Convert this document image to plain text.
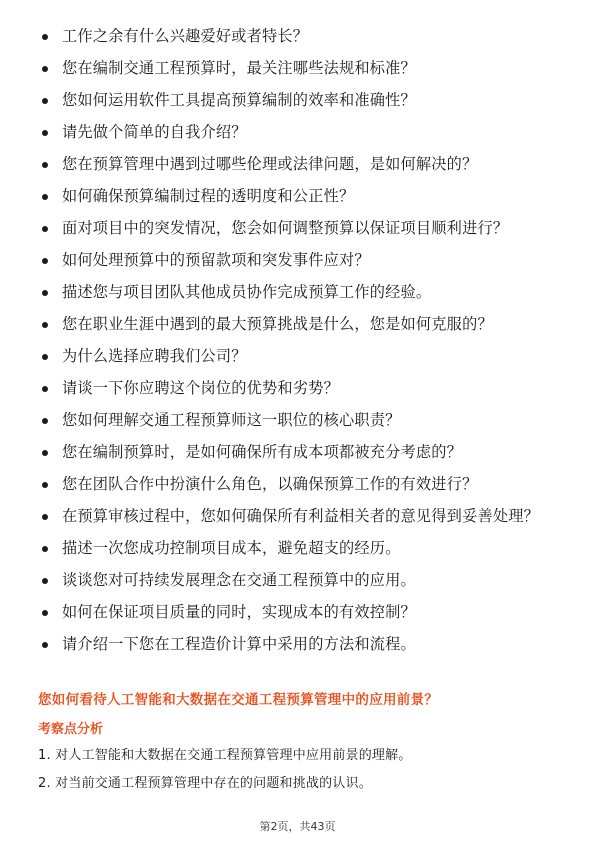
工作之余有什么兴趣爱好或者特长？
您在编制交通工程预算时，最关注哪些法规和标准？
您如何运用软件工具提高预算编制的效率和准确性？
请先做个简单的自我介绍？
您在预算管理中遇到过哪些伦理或法律问题，是如何解决的？
如何确保预算编制过程的透明度和公正性？
面对项目中的突发情况，您会如何调整预算以保证项目顺利进行？
如何处理预算中的预留款项和突发事件应对？
描述您与项目团队其他成员协作完成预算工作的经验。
您在职业生涯中遇到的最大预算挑战是什么，您是如何克服的？
为什么选择应聘我们公司？
请谈一下你应聘这个岗位的优势和劣势？
您如何理解交通工程预算师这一职位的核心职责？
您在编制预算时，是如何确保所有成本项都被充分考虑的？
您在团队合作中扮演什么角色，以确保预算工作的有效进行？
在预算审核过程中，您如何确保所有利益相关者的意见得到妥善处理？
描述一次您成功控制项目成本，避免超支的经历。
谈谈您对可持续发展理念在交通工程预算中的应用。
如何在保证项目质量的同时，实现成本的有效控制？
请介绍一下您在工程造价计算中采用的方法和流程。
您如何看待人工智能和大数据在交通工程预算管理中的应用前景？
考察点分析
1. 对人工智能和大数据在交通工程预算管理中应用前景的理解。
2. 对当前交通工程预算管理中存在的问题和挑战的认识。
第2页，共43页
